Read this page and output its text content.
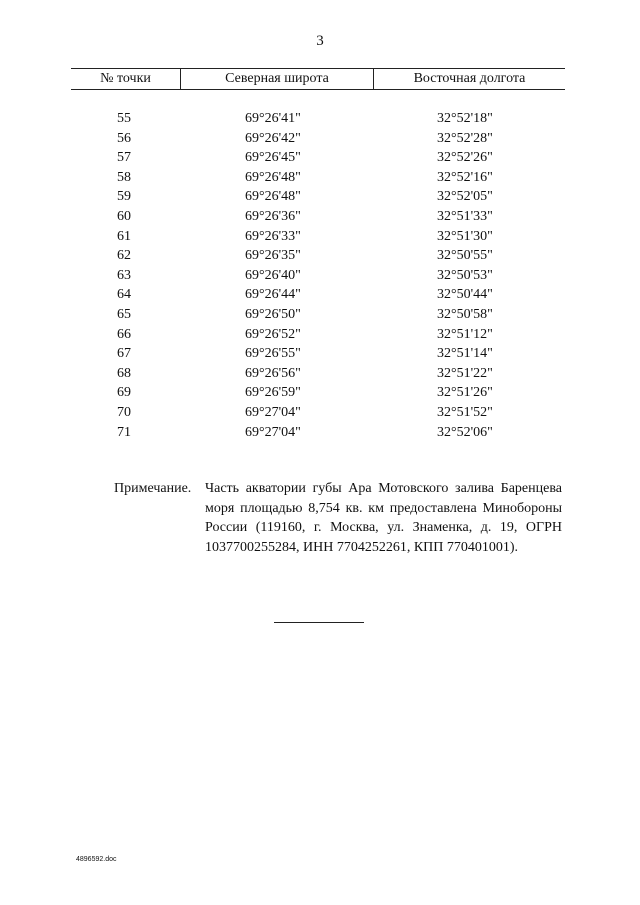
3
№ точки	Северная широта	Восточная долгота
55	69°26'41"	32°52'18"
56	69°26'42"	32°52'28"
57	69°26'45"	32°52'26"
58	69°26'48"	32°52'16"
59	69°26'48"	32°52'05"
60	69°26'36"	32°51'33"
61	69°26'33"	32°51'30"
62	69°26'35"	32°50'55"
63	69°26'40"	32°50'53"
64	69°26'44"	32°50'44"
65	69°26'50"	32°50'58"
66	69°26'52"	32°51'12"
67	69°26'55"	32°51'14"
68	69°26'56"	32°51'22"
69	69°26'59"	32°51'26"
70	69°27'04"	32°51'52"
71	69°27'04"	32°52'06"
Примечание. Часть акватории губы Ара Мотовского залива Баренцева моря площадью 8,754 кв. км предоставлена Минобороны России (119160, г. Москва, ул. Знаменка, д. 19, ОГРН 1037700255284, ИНН 7704252261, КПП 770401001).
4896592.doc
